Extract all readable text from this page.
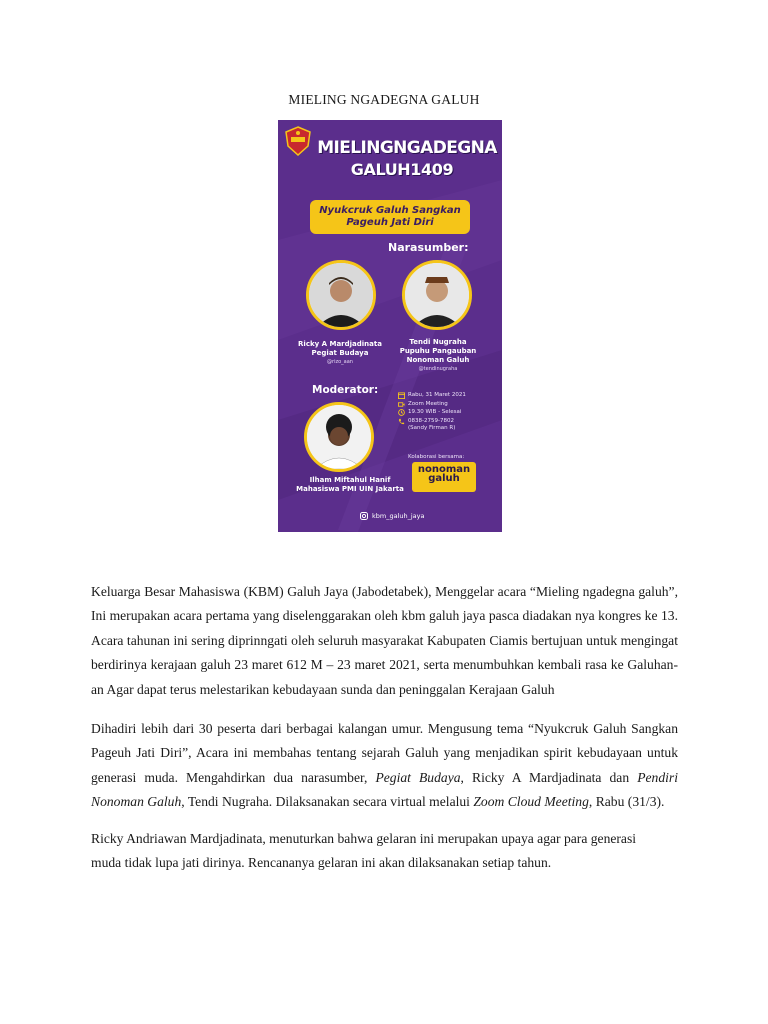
MIELING NGADEGNA GALUH
MIELINGNGADEGNA
GALUH1409
Nyukcruk Galuh Sangkan
Pageuh Jati Diri
Narasumber:
Ricky A Mardjadinata
Pegiat Budaya
@rizo_aan
Tendi Nugraha
Pupuhu Pangauban
Nonoman Galuh
@tendinugraha
Moderator:
Ilham Miftahul Hanif
Mahasiswa PMI UIN Jakarta
Rabu, 31 Maret 2021
Zoom Meeting
19.30 WIB - Selesai
0838-2759-7802
(Sandy Firman R)
Kolaborasi bersama:
nonoman
galuh
kbm_galuh_jaya

Keluarga Besar Mahasiswa (KBM) Galuh Jaya (Jabodetabek), Menggelar acara “Mieling ngadegna galuh”, Ini merupakan acara pertama yang diselenggarakan oleh kbm galuh jaya pasca diadakan nya kongres ke 13. Acara tahunan ini sering diprinngati oleh seluruh masyarakat Kabupaten Ciamis bertujuan untuk mengingat berdirinya kerajaan galuh 23 maret 612 M – 23 maret 2021, serta menumbuhkan kembali rasa ke Galuhan-an Agar dapat terus melestarikan kebudayaan sunda dan peninggalan Kerajaan Galuh

Dihadiri lebih dari 30 peserta dari berbagai kalangan umur. Mengusung tema “Nyukcruk Galuh Sangkan Pageuh Jati Diri”, Acara ini membahas tentang sejarah Galuh yang menjadikan spirit kebudayaan untuk generasi muda. Mengahdirkan dua narasumber, Pegiat Budaya, Ricky A Mardjadinata dan Pendiri Nonoman Galuh, Tendi Nugraha. Dilaksanakan secara virtual melalui Zoom Cloud Meeting, Rabu (31/3).

Ricky Andriawan Mardjadinata, menuturkan bahwa gelaran ini merupakan upaya agar para generasi muda tidak lupa jati dirinya. Rencananya gelaran ini akan dilaksanakan setiap tahun.
